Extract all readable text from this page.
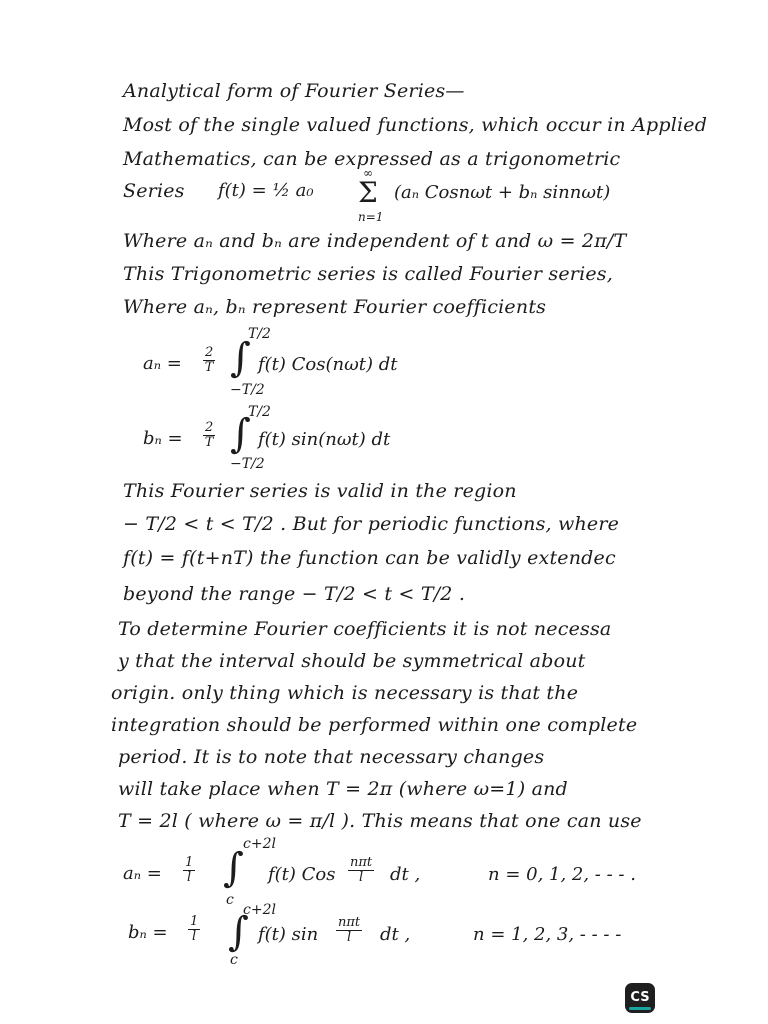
Analytical form of Fourier Series—
Most of the single valued functions, which occur in Applied
Mathematics, can be expressed as a trigonometric
Series f(t) = ½ a₀
∞
Σ
n=1
(aₙ Cosnωt + bₙ sinnωt)
Where aₙ and bₙ are independent of t and ω = 2π/T
This Trigonometric series is called Fourier series,
Where aₙ, bₙ represent Fourier coefficients
$a_n = \frac{2}{T}$
T/2
∫
−T/2
f(t) Cos(nωt) dt
$b_n = \frac{2}{T}$
T/2
∫
−T/2
f(t) sin(nωt) dt
This Fourier series is valid in the region
− T/2 < t < T/2 . But for periodic functions, where
f(t) = f(t+nT) the function can be validly extendec
beyond the range − T/2 < t < T/2 .
To determine Fourier coefficients it is not necessa
y that the interval should be symmetrical about
origin. only thing which is necessary is that the
integration should be performed within one complete
period. It is to note that necessary changes
will take place when T = 2π (where ω=1) and
T = 2l ( where ω = π/l ). This means that one can use
$a_n = \frac{1}{l}$
c+2l
∫
c
f(t) Cos
nπt
l	dt ,	n = 0, 1, 2, - - - .
$b_n = \frac{1}{l}$
c+2l
∫
c
f(t) sin
nπt
l	dt ,	n = 1, 2, 3, - - - -
CS
